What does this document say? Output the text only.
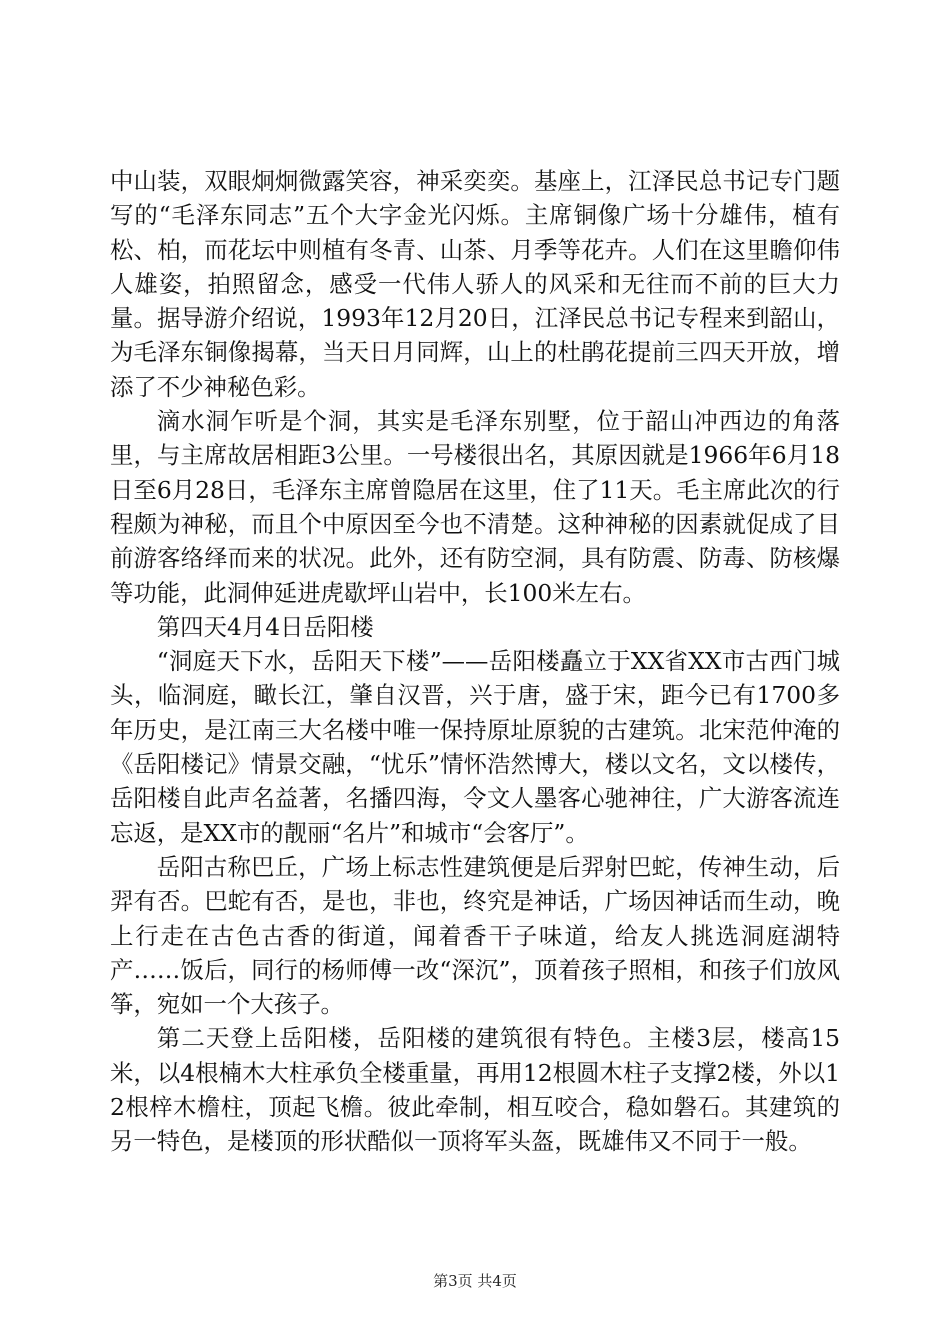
中山装，双眼炯炯微露笑容，神采奕奕。基座上，江泽民总书记专门题写的“毛泽东同志”五个大字金光闪烁。主席铜像广场十分雄伟，植有松、柏，而花坛中则植有冬青、山茶、月季等花卉。人们在这里瞻仰伟人雄姿，拍照留念，感受一代伟人骄人的风采和无往而不前的巨大力量。据导游介绍说，1993年12月20日，江泽民总书记专程来到韶山，为毛泽东铜像揭幕，当天日月同辉，山上的杜鹃花提前三四天开放，增添了不少神秘色彩。

滴水洞乍听是个洞，其实是毛泽东别墅，位于韶山冲西边的角落里，与主席故居相距3公里。一号楼很出名，其原因就是1966年6月18日至6月28日，毛泽东主席曾隐居在这里，住了11天。毛主席此次的行程颇为神秘，而且个中原因至今也不清楚。这种神秘的因素就促成了目前游客络绎而来的状况。此外，还有防空洞，具有防震、防毒、防核爆等功能，此洞伸延进虎歇坪山岩中，长100米左右。

第四天4月4日岳阳楼

“洞庭天下水，岳阳天下楼”——岳阳楼矗立于XX省XX市古西门城头，临洞庭，瞰长江，肇自汉晋，兴于唐，盛于宋，距今已有1700多年历史，是江南三大名楼中唯一保持原址原貌的古建筑。北宋范仲淹的《岳阳楼记》情景交融，“忧乐”情怀浩然博大，楼以文名，文以楼传，岳阳楼自此声名益著，名播四海，令文人墨客心驰神往，广大游客流连忘返，是XX市的靓丽“名片”和城市“会客厅”。

岳阳古称巴丘，广场上标志性建筑便是后羿射巴蛇，传神生动，后羿有否。巴蛇有否，是也，非也，终究是神话，广场因神话而生动，晚上行走在古色古香的街道，闻着香干子味道，给友人挑选洞庭湖特产……饭后，同行的杨师傅一改“深沉”，顶着孩子照相，和孩子们放风筝，宛如一个大孩子。

第二天登上岳阳楼，岳阳楼的建筑很有特色。主楼3层，楼高15米，以4根楠木大柱承负全楼重量，再用12根圆木柱子支撑2楼，外以12根梓木檐柱，顶起飞檐。彼此牵制，相互咬合，稳如磐石。其建筑的另一特色，是楼顶的形状酷似一顶将军头盔，既雄伟又不同于一般。

第3页 共4页
